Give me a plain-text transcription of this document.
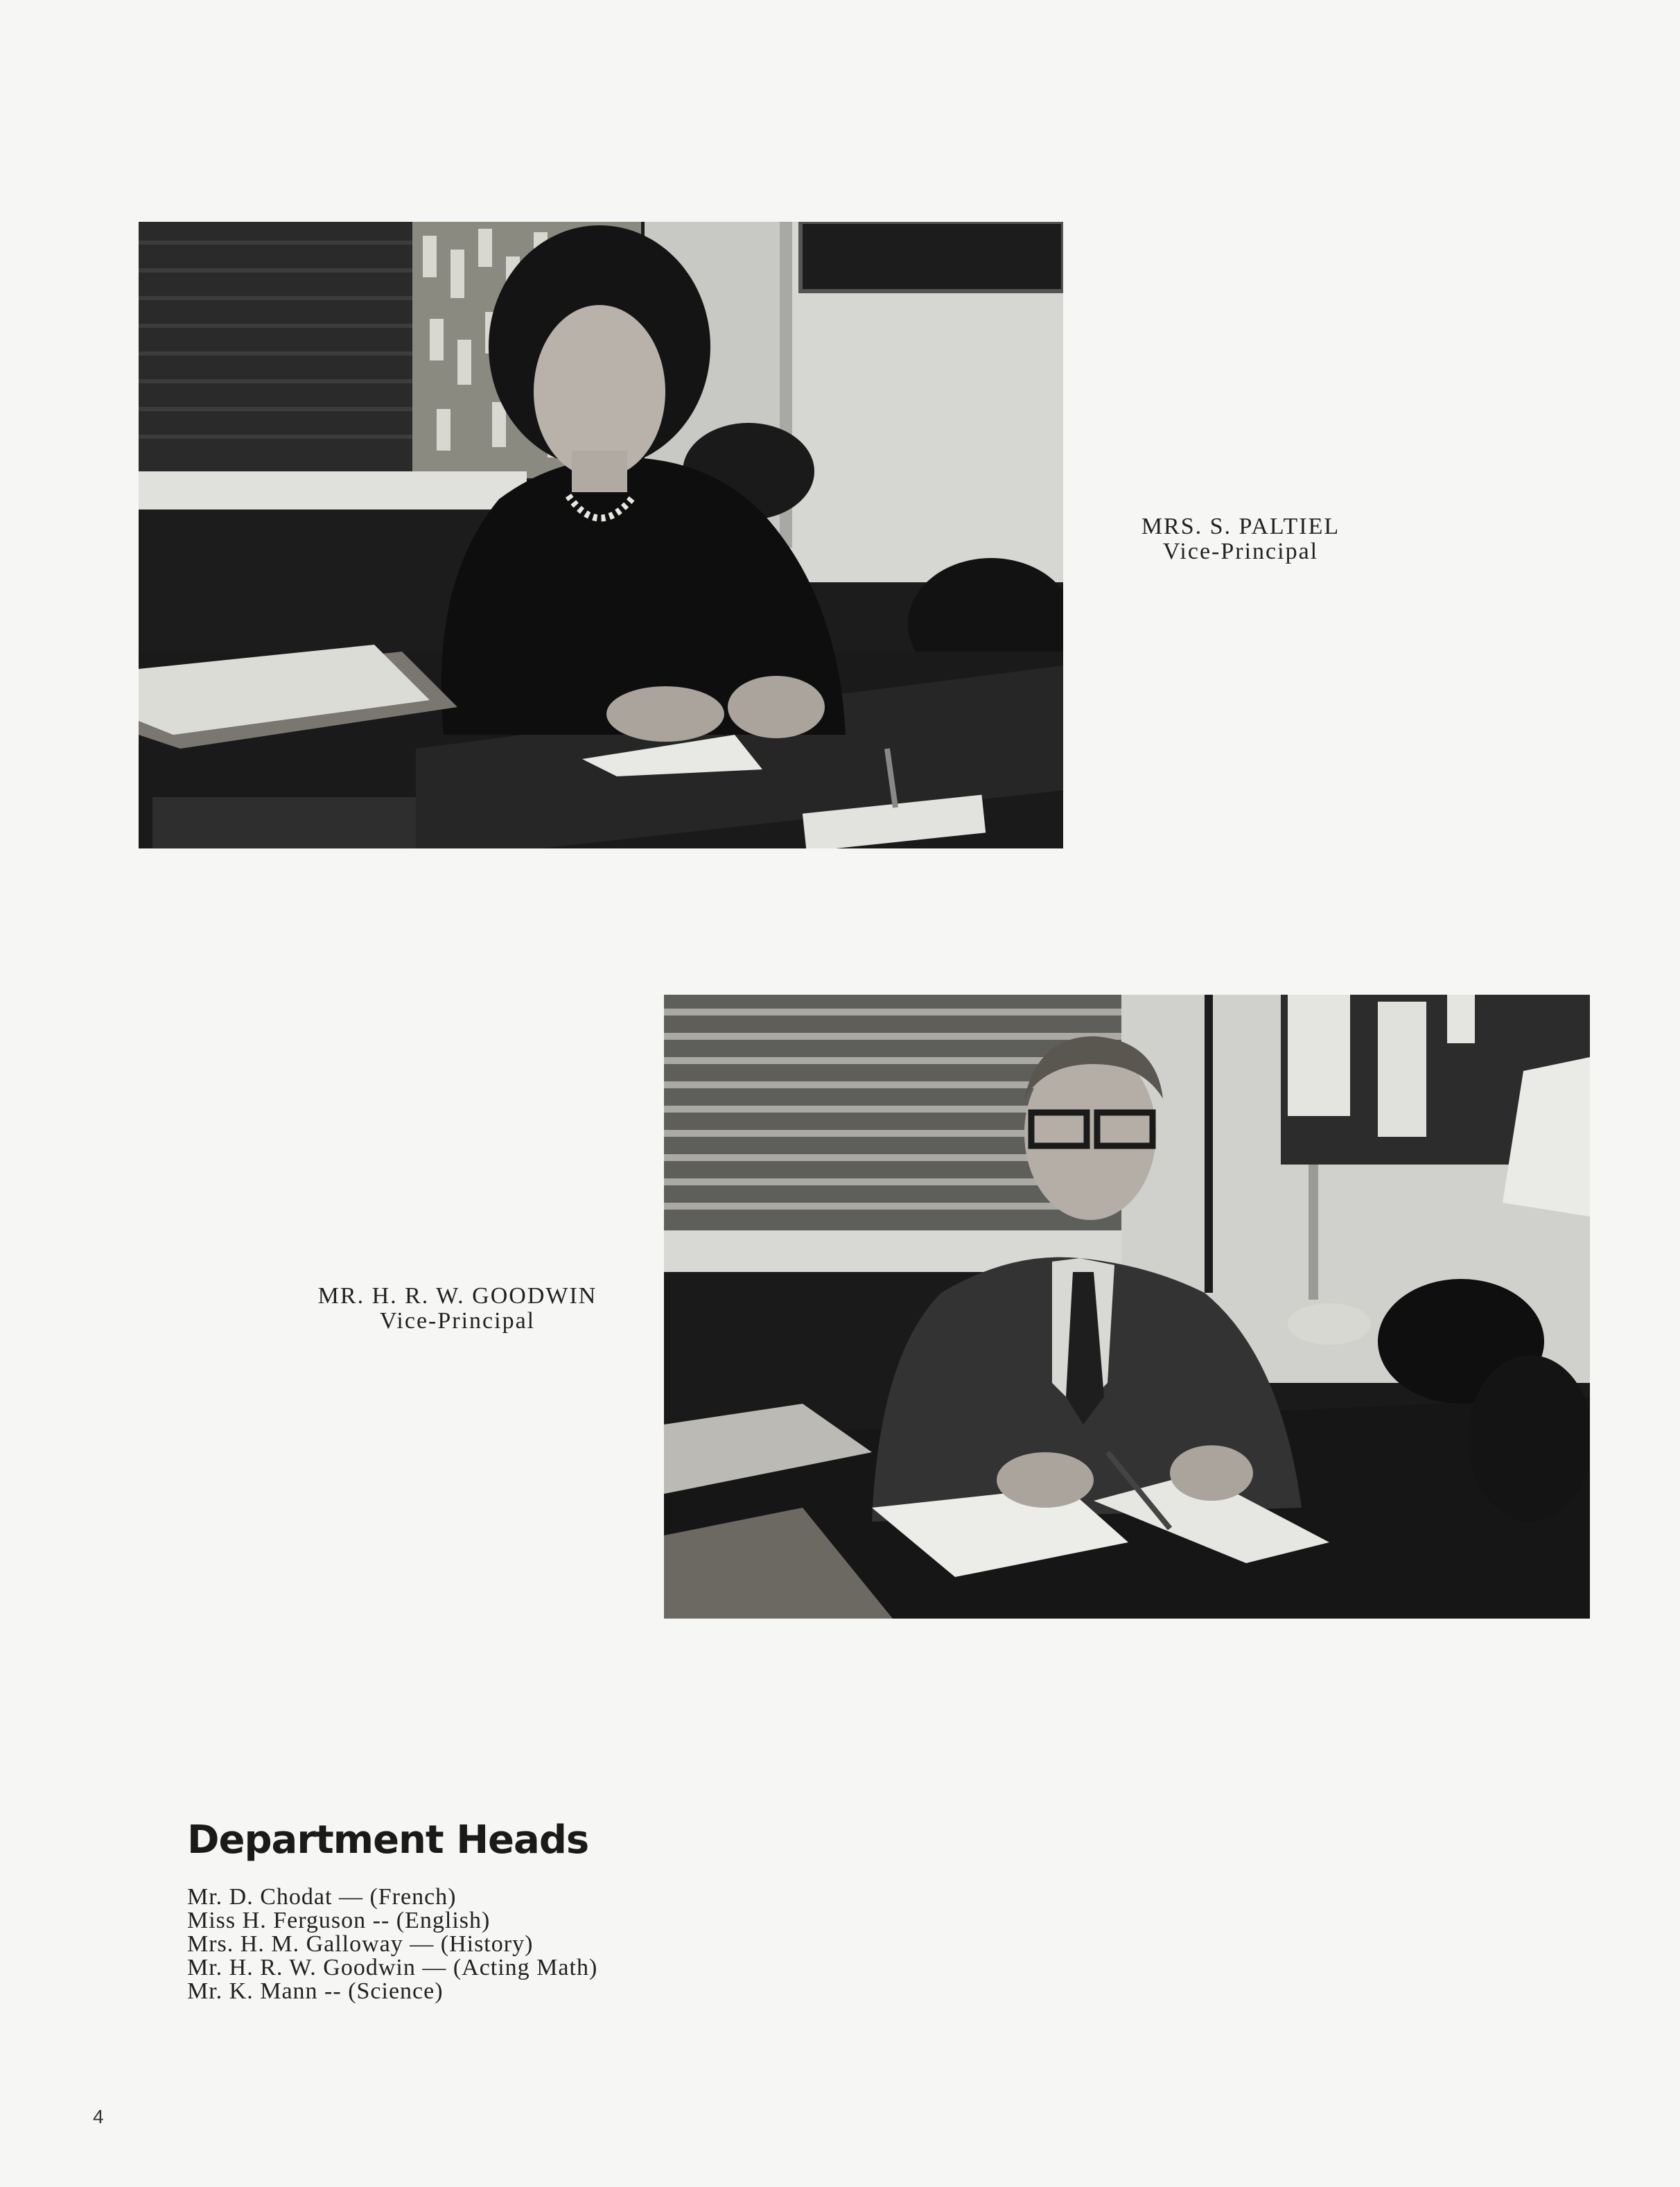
MRS. S. PALTIEL
Vice-Principal
MR. H. R. W. GOODWIN
Vice-Principal
Department Heads
Mr. D. Chodat — (French)
Miss H. Ferguson -- (English)
Mrs. H. M. Galloway — (History)
Mr. H. R. W. Goodwin — (Acting Math)
Mr. K. Mann -- (Science)
4
